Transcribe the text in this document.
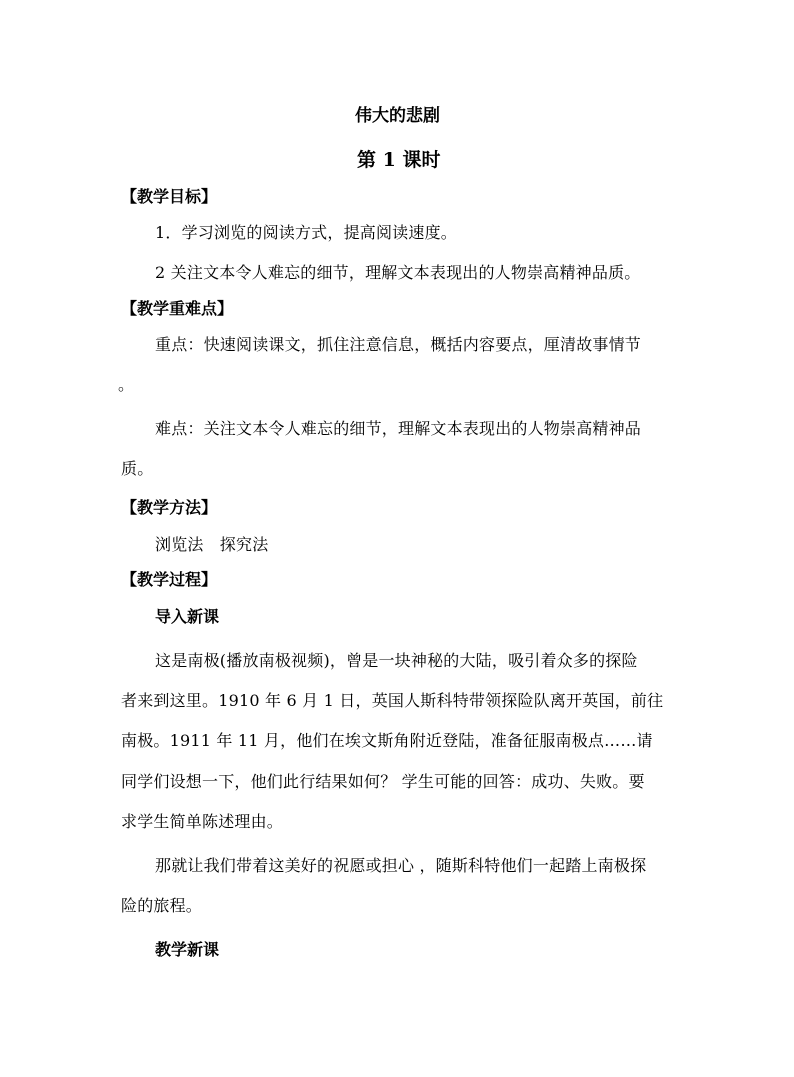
伟大的悲剧
第 1 课时
【教学目标】
1．学习浏览的阅读方式，提高阅读速度。
2 关注文本令人难忘的细节，理解文本表现出的人物崇高精神品质。
【教学重难点】
重点：快速阅读课文，抓住注意信息，概括内容要点，厘清故事情节
。
难点：关注文本令人难忘的细节，理解文本表现出的人物崇高精神品
质。
【教学方法】
浏览法　探究法
【教学过程】
导入新课
这是南极(播放南极视频)，曾是一块神秘的大陆，吸引着众多的探险
者来到这里。1910 年 6 月 1 日，英国人斯科特带领探险队离开英国，前往
南极。1911 年 11 月，他们在埃文斯角附近登陆，准备征服南极点……请
同学们设想一下，他们此行结果如何？ 学生可能的回答：成功、失败。要
求学生简单陈述理由。
那就让我们带着这美好的祝愿或担心 ，随斯科特他们一起踏上南极探
险的旅程。
教学新课
